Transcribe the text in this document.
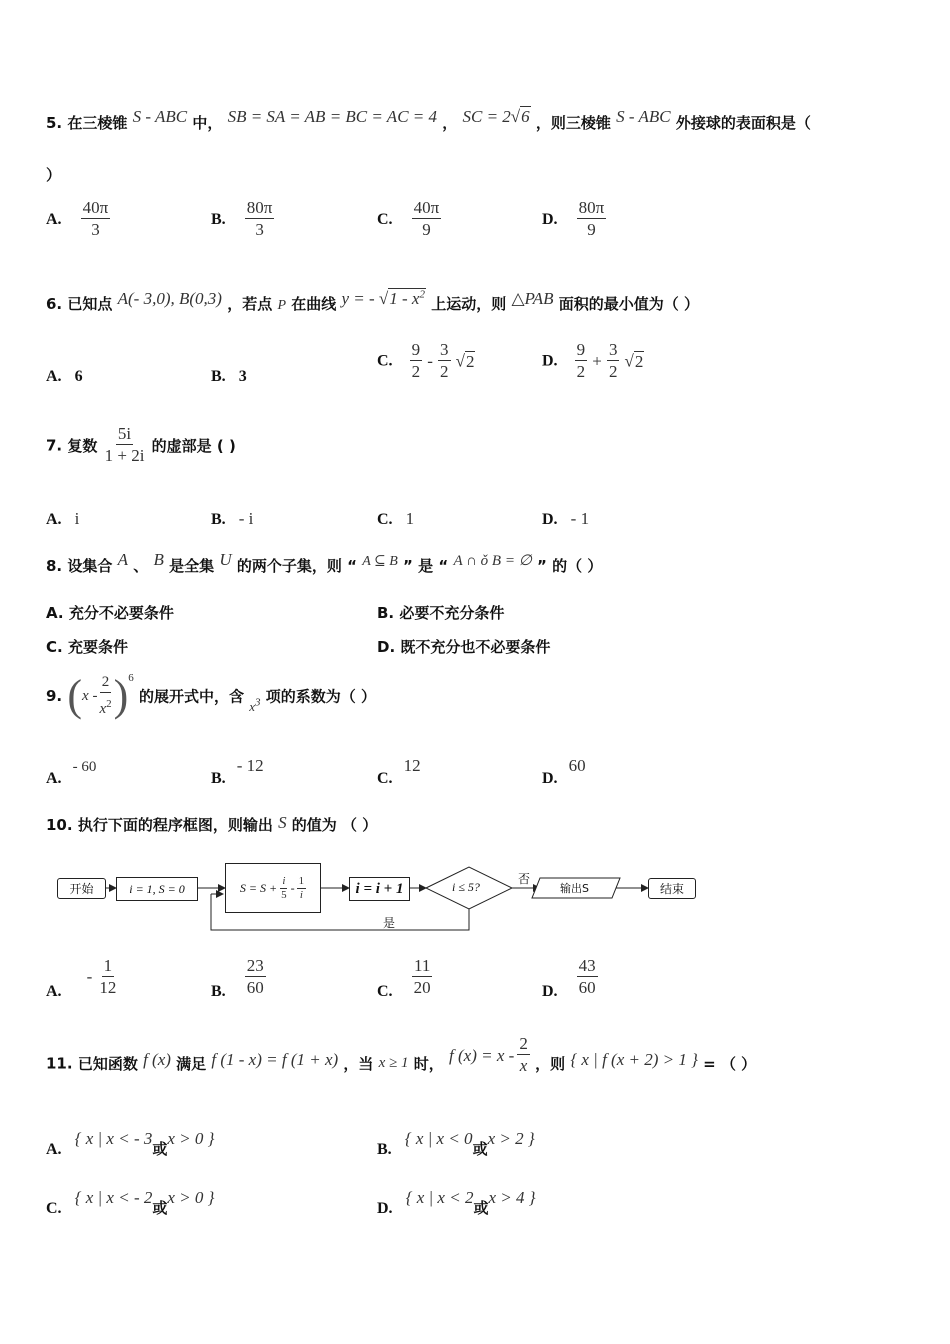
5. 在三棱锥 S - ABC 中， SB = SA = AB = BC = AC = 4 ， SC = 2√6 ，则三棱锥 S - ABC 外接球的表面积是（
）
A. $\frac{40\pi}{3}$	B. $\frac{80\pi}{3}$	C. $\frac{40\pi}{9}$	D. $\frac{80\pi}{9}$
6. 已知点 A(- 3,0), B(0,3) ，若点 P 在曲线 y = - $√1 - x^2$ 上运动，则 △PAB 面积的最小值为（ ）
A. 6	B. 3
C. $\frac{9}{2} - \frac{3}{2} √2$	D. $\frac{9}{2} + \frac{3}{2} √2$
7. 复数 $\frac{5i}{1 + 2i}$ 的虚部是 ( )
A. i	B. - i	C. 1	D. - 1
8. 设集合 A 、 B 是全集 U 的两个子集，则 “ A ⊆ B ” 是 “ A ∩ ǒ B = ∅ ” 的（ ）
A. 充分不必要条件	B. 必要不充分条件
C. 充要条件	D. 既不充分也不必要条件
9. ( x - $\frac{2}{x^2} )^6$
的展开式中，含 $x^3$ 项的系数为（ ）
A. - 60
B. - 12
C. 12
D. 60
10. 执行下面的程序框图，则输出 S 的值为 （ ）
开始	i = 1, S = 0	$S = S + \frac{i}{5} - \frac{1}{i}$	i = i + 1	i ≤ 5?
否
输出S	结束
是
A. - $\frac{1}{12}$	B. $\frac{23}{60}$	C. $\frac{11}{20}$	D. $\frac{43}{60}$
11. 已知函数 f (x) 满足 f (1 - x) = f (1 + x) ，当 x ≥ 1 时， f $(x) = x - \frac{2}{x}$ ，则 { x | f (x + 2) > 1 } = （ ）
A. { x | x < - 3或x > 0 }
B. { x | x < 0或x > 2 }
C. { x | x < - 2或x > 0 }
D. { x | x < 2或x > 4 }
